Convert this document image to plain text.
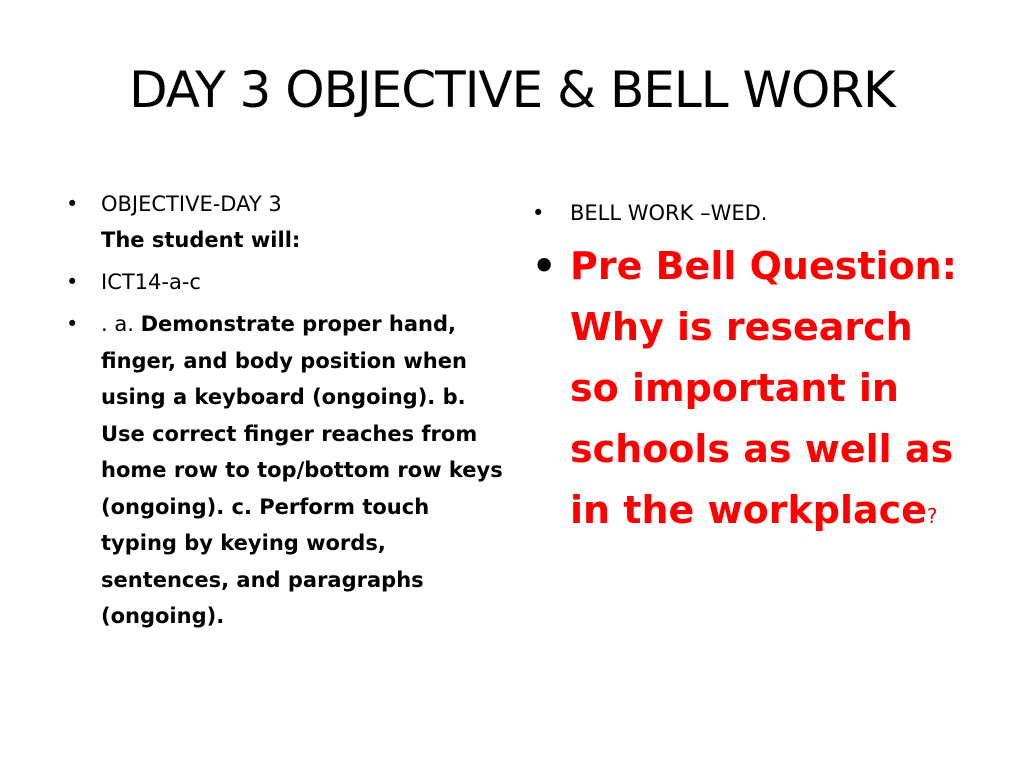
DAY 3 OBJECTIVE & BELL WORK
•	OBJECTIVE-DAY 3
The student will:
•	ICT14-a-c
•	. a. Demonstrate proper hand, finger, and body position when using a keyboard (ongoing). b. Use correct finger reaches from home row to top/bottom row keys (ongoing). c. Perform touch typing by keying words, sentences, and paragraphs (ongoing).
•	BELL WORK –WED.
• Pre Bell Question: Why is research so important in schools as well as in the workplace?
